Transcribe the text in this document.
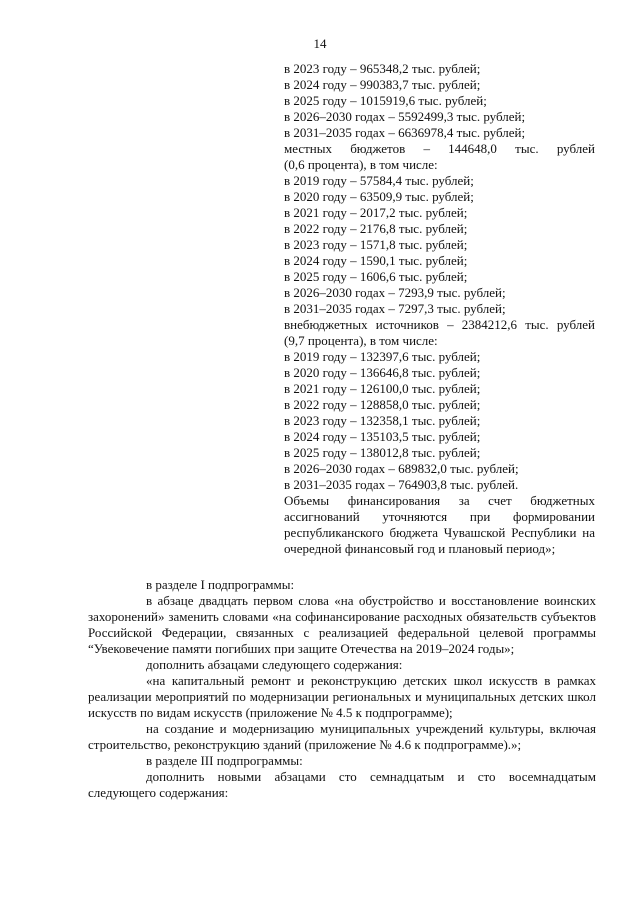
14
в 2023 году – 965348,2 тыс. рублей;
в 2024 году – 990383,7 тыс. рублей;
в 2025 году – 1015919,6 тыс. рублей;
в 2026–2030 годах – 5592499,3 тыс. рублей;
в 2031–2035 годах – 6636978,4 тыс. рублей;
местных бюджетов – 144648,0 тыс. рублей
(0,6 процента), в том числе:
в 2019 году – 57584,4 тыс. рублей;
в 2020 году – 63509,9 тыс. рублей;
в 2021 году – 2017,2 тыс. рублей;
в 2022 году – 2176,8 тыс. рублей;
в 2023 году – 1571,8 тыс. рублей;
в 2024 году – 1590,1 тыс. рублей;
в 2025 году – 1606,6 тыс. рублей;
в 2026–2030 годах – 7293,9 тыс. рублей;
в 2031–2035 годах – 7297,3 тыс. рублей;
внебюджетных источников – 2384212,6 тыс. рублей
(9,7 процента), в том числе:
в 2019 году – 132397,6 тыс. рублей;
в 2020 году – 136646,8 тыс. рублей;
в 2021 году – 126100,0 тыс. рублей;
в 2022 году – 128858,0 тыс. рублей;
в 2023 году – 132358,1 тыс. рублей;
в 2024 году – 135103,5 тыс. рублей;
в 2025 году – 138012,8 тыс. рублей;
в 2026–2030 годах – 689832,0 тыс. рублей;
в 2031–2035 годах – 764903,8 тыс. рублей.

Объемы финансирования за счет бюджетных ассигнований уточняются при формировании республиканского бюджета Чувашской Республики на очередной финансовый год и плановый период»;

в разделе I подпрограммы:

в абзаце двадцать первом слова «на обустройство и восстановление воинских захоронений» заменить словами «на софинансирование расходных обязательств субъектов Российской Федерации, связанных с реализацией федеральной целевой программы “Увековечение памяти погибших при защите Отечества на 2019–2024 годы»;

дополнить абзацами следующего содержания:

«на капитальный ремонт и реконструкцию детских школ искусств в рамках реализации мероприятий по модернизации региональных и муниципальных детских школ искусств по видам искусств (приложение № 4.5 к подпрограмме);

на создание и модернизацию муниципальных учреждений культуры, включая строительство, реконструкцию зданий (приложение № 4.6 к подпрограмме).»;

в разделе III подпрограммы:

дополнить новыми абзацами сто семнадцатым и сто восемнадцатым следующего содержания:
